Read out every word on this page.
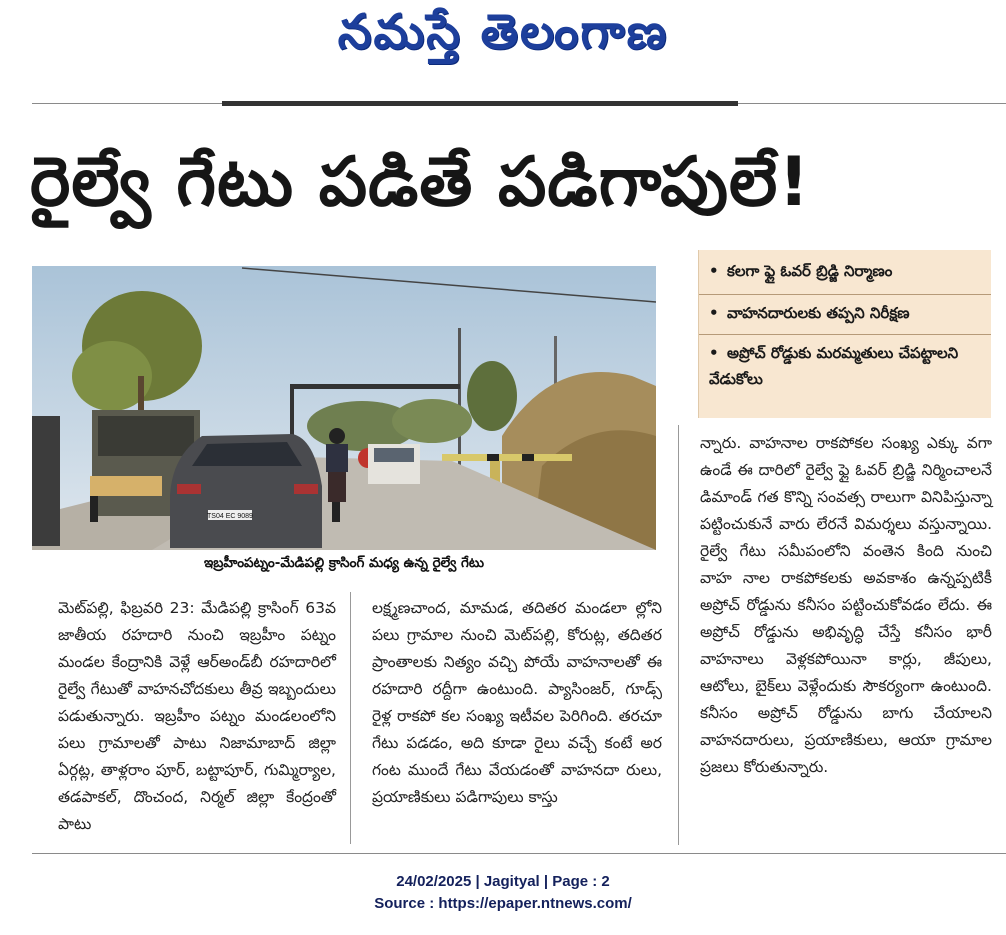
నమస్తే తెలంగాణ
రైల్వే గేటు పడితే పడిగాపులే!
TS04 EC 9089
ఇబ్రహీంపట్నం-మేడిపల్లి క్రాసింగ్ మధ్య ఉన్న రైల్వే గేటు
• కలగా ఫ్లై ఓవర్ బ్రిడ్జి నిర్మాణం
• వాహనదారులకు తప్పని నిరీక్షణ
• అప్రోచ్ రోడ్డుకు మరమ్మతులు చేపట్టాలని వేడుకోలు

న్నారు. వాహనాల రాకపోకల సంఖ్య ఎక్కు వగా ఉండే ఈ దారిలో రైల్వే ఫ్లై ఓవర్ బ్రిడ్జి నిర్మించాలనే డిమాండ్ గత కొన్ని సంవత్స రాలుగా వినిపిస్తున్నా పట్టించుకునే వారు లేరనే విమర్శలు వస్తున్నాయి. రైల్వే గేటు సమీపంలోని వంతెన కింది నుంచి వాహ నాల రాకపోకలకు అవకాశం ఉన్నప్పటికీ అప్రోచ్ రోడ్డును కనీసం పట్టించుకోవడం లేదు. ఈ అప్రోచ్ రోడ్డును అభివృద్ధి చేస్తే కనీసం భారీ వాహనాలు వెళ్లకపోయినా కార్లు, జీపులు, ఆటోలు, బైక్‌లు వెళ్లేందుకు సౌకర్యంగా ఉంటుంది. కనీసం అప్రోచ్ రోడ్డును బాగు చేయాలని వాహనదారులు, ప్రయాణికులు, ఆయా గ్రామాల ప్రజలు కోరుతున్నారు.

మెట్‌పల్లి, ఫిబ్రవరి 23: మేడిపల్లి క్రాసింగ్ 63వ జాతీయ రహదారి నుంచి ఇబ్రహీం పట్నం మండల కేంద్రానికి వెళ్లే ఆర్‌అండ్‌బీ రహదారిలో రైల్వే గేటుతో వాహనచోదకులు తీవ్ర ఇబ్బందులు పడుతున్నారు. ఇబ్రహీం పట్నం మండలంలోని పలు గ్రామాలతో పాటు నిజామాబాద్ జిల్లా ఏర్గట్ల, తాళ్లరాం పూర్, బట్టాపూర్, గుమ్మిర్యాల, తడపాకల్, దొంచంద, నిర్మల్ జిల్లా కేంద్రంతో పాటు

లక్ష్మణచాంద, మామడ, తదితర మండలా ల్లోని పలు గ్రామాల నుంచి మెట్‌పల్లి, కోరుట్ల, తదితర ప్రాంతాలకు నిత్యం వచ్చి పోయే వాహనాలతో ఈ రహదారి రద్దీగా ఉంటుంది. ప్యాసింజర్, గూడ్స్ రైళ్ల రాకపో కల సంఖ్య ఇటీవల పెరిగింది. తరచూ గేటు పడడం, అది కూడా రైలు వచ్చే కంటే అర గంట ముందే గేటు వేయడంతో వాహనదా రులు, ప్రయాణికులు పడిగాపులు కాస్తు

24/02/2025 | Jagityal | Page : 2
Source : https://epaper.ntnews.com/
